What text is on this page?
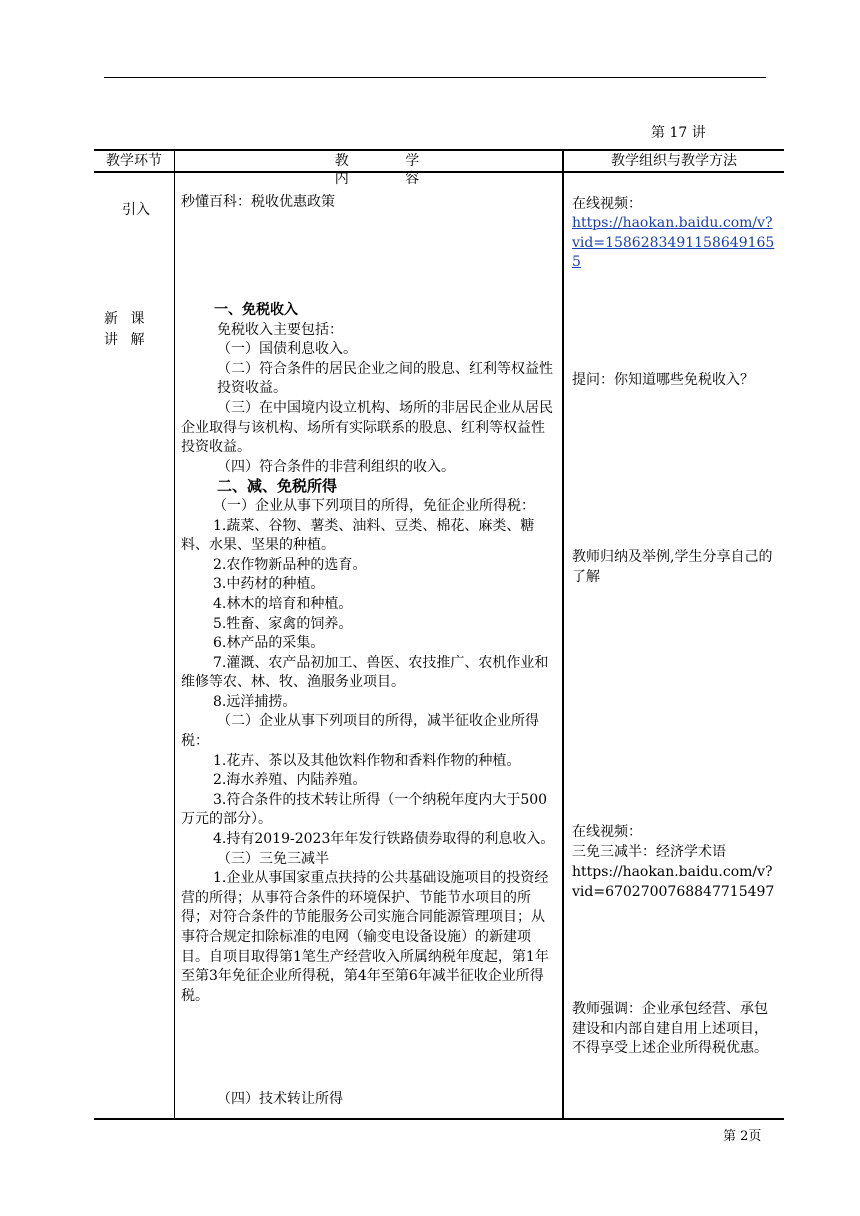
第 17 讲
教学环节	教 学 内 容
教学组织与教学方法
引入
新 课 讲 解
秒懂百科：税收优惠政策

一、免税收入

免税收入主要包括：

（一）国债利息收入。

（二）符合条件的居民企业之间的股息、红利等权益性投资收益。

（三）在中国境内设立机构、场所的非居民企业从居民企业取得与该机构、场所有实际联系的股息、红利等权益性投资收益。

（四）符合条件的非营利组织的收入。

二、减、免税所得

（一）企业从事下列项目的所得，免征企业所得税：

1.蔬菜、谷物、薯类、油料、豆类、棉花、麻类、糖料、水果、坚果的种植。

2.农作物新品种的选育。

3.中药材的种植。

4.林木的培育和种植。

5.牲畜、家禽的饲养。

6.林产品的采集。

7.灌溉、农产品初加工、兽医、农技推广、农机作业和维修等农、林、牧、渔服务业项目。

8.远洋捕捞。

（二）企业从事下列项目的所得，减半征收企业所得税：

1.花卉、茶以及其他饮料作物和香料作物的种植。

2.海水养殖、内陆养殖。

3.符合条件的技术转让所得（一个纳税年度内大于500万元的部分）。

4.持有2019-2023年年发行铁路债券取得的利息收入。

（三）三免三减半

1.企业从事国家重点扶持的公共基础设施项目的投资经营的所得；从事符合条件的环境保护、节能节水项目的所得；对符合条件的节能服务公司实施合同能源管理项目；从事符合规定扣除标准的电网（输变电设备设施）的新建项目。自项目取得第1笔生产经营收入所属纳税年度起，第1年至第3年免征企业所得税，第4年至第6年减半征收企业所得税。

（四）技术转让所得

在线视频：
https://haokan.baidu.com/v?vid=1586283491158649165​5
提问：你知道哪些免税收入？
教师归纳及举例,学生分享自己的了解
在线视频：
三免三减半：经济学术语
https://haokan.baidu.com/v?vid=6702700768847715497
教师强调：企业承包经营、承包建设和内部自建自用上述项目，不得享受上述企业所得税优惠。
第 2页
